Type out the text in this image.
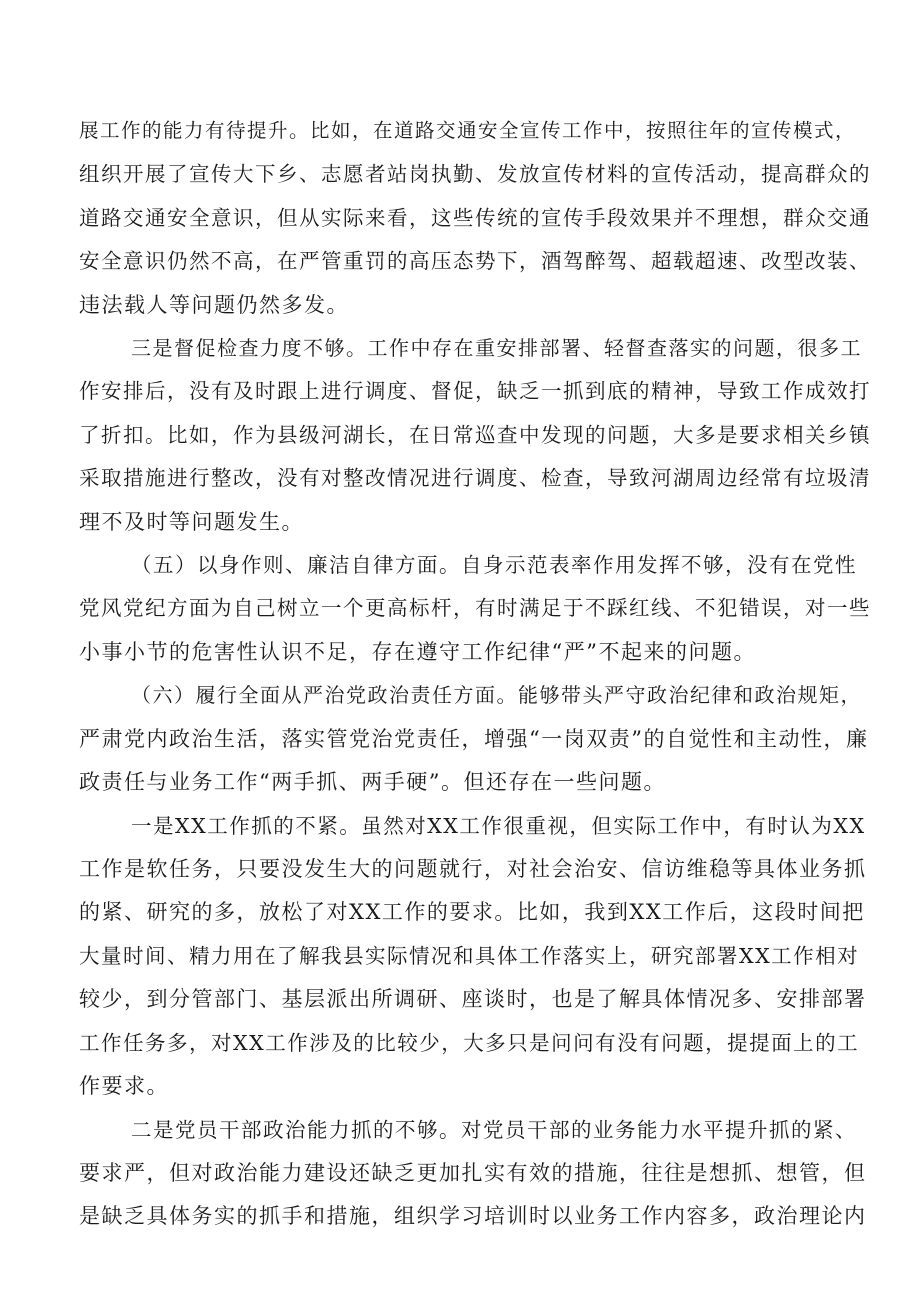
展工作的能力有待提升。比如，在道路交通安全宣传工作中，按照往年的宣传模式，
组织开展了宣传大下乡、志愿者站岗执勤、发放宣传材料的宣传活动，提高群众的
道路交通安全意识，但从实际来看，这些传统的宣传手段效果并不理想，群众交通
安全意识仍然不高，在严管重罚的高压态势下，酒驾醉驾、超载超速、改型改装、
违法载人等问题仍然多发。
三是督促检查力度不够。工作中存在重安排部署、轻督查落实的问题，很多工
作安排后，没有及时跟上进行调度、督促，缺乏一抓到底的精神，导致工作成效打
了折扣。比如，作为县级河湖长，在日常巡查中发现的问题，大多是要求相关乡镇
采取措施进行整改，没有对整改情况进行调度、检查，导致河湖周边经常有垃圾清
理不及时等问题发生。
（五）以身作则、廉洁自律方面。自身示范表率作用发挥不够，没有在党性
党风党纪方面为自己树立一个更高标杆，有时满足于不踩红线、不犯错误，对一些
小事小节的危害性认识不足，存在遵守工作纪律“严”不起来的问题。
（六）履行全面从严治党政治责任方面。能够带头严守政治纪律和政治规矩，
严肃党内政治生活，落实管党治党责任，增强“一岗双责”的自觉性和主动性，廉
政责任与业务工作“两手抓、两手硬”。但还存在一些问题。
一是XX工作抓的不紧。虽然对XX工作很重视，但实际工作中，有时认为XX
工作是软任务，只要没发生大的问题就行，对社会治安、信访维稳等具体业务抓
的紧、研究的多，放松了对XX工作的要求。比如，我到XX工作后，这段时间把
大量时间、精力用在了解我县实际情况和具体工作落实上，研究部署XX工作相对
较少，到分管部门、基层派出所调研、座谈时，也是了解具体情况多、安排部署
工作任务多，对XX工作涉及的比较少，大多只是问问有没有问题，提提面上的工
作要求。
二是党员干部政治能力抓的不够。对党员干部的业务能力水平提升抓的紧、
要求严，但对政治能力建设还缺乏更加扎实有效的措施，往往是想抓、想管，但
是缺乏具体务实的抓手和措施，组织学习培训时以业务工作内容多，政治理论内
